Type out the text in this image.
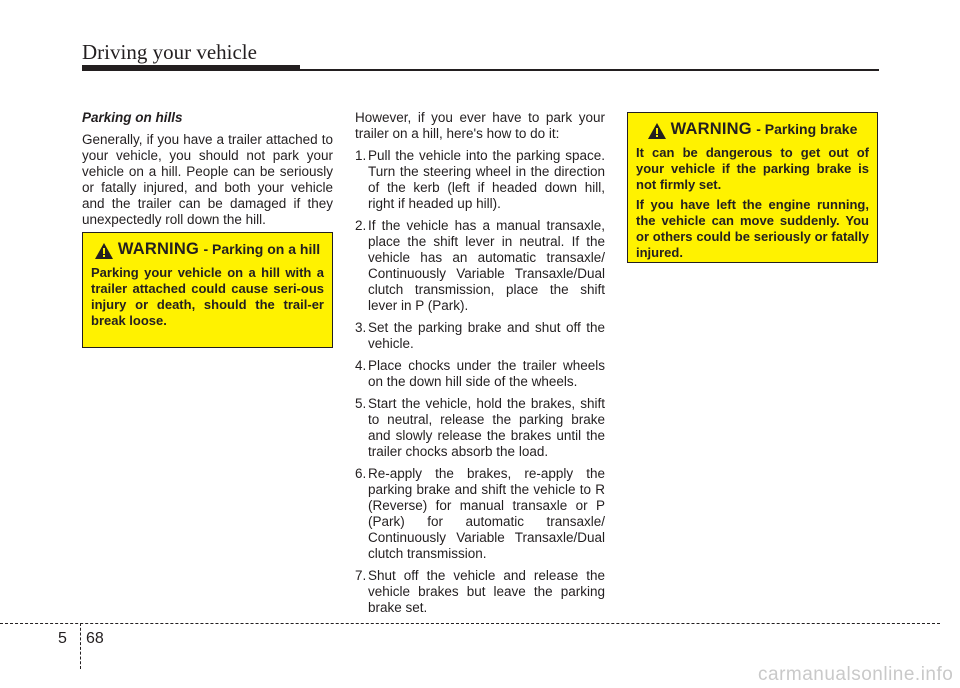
Driving your vehicle

Parking on hills

Generally, if you have a trailer attached to your vehicle, you should not park your vehicle on a hill. People can be seriously or fatally injured, and both your vehicle and the trailer can be damaged if they unexpectedly roll down the hill.

WARNING - Parking on a hill

Parking your vehicle on a hill with a trailer attached could cause seri-ous injury or death, should the trail-er break loose.

However, if you ever have to park your trailer on a hill, here's how to do it:

1. Pull the vehicle into the parking space. Turn the steering wheel in the direction of the kerb (left if headed down hill, right if headed up hill).
2. If the vehicle has a manual transaxle, place the shift lever in neutral. If the vehicle has an automatic transaxle/ Continuously Variable Transaxle/Dual clutch transmission, place the shift lever in P (Park).
3. Set the parking brake and shut off the vehicle.
4. Place chocks under the trailer wheels on the down hill side of the wheels.
5. Start the vehicle, hold the brakes, shift to neutral, release the parking brake and slowly release the brakes until the trailer chocks absorb the load.
6. Re-apply the brakes, re-apply the parking brake and shift the vehicle to R (Reverse) for manual transaxle or P (Park) for automatic transaxle/ Continuously Variable Transaxle/Dual clutch transmission.
7. Shut off the vehicle and release the vehicle brakes but leave the parking brake set.
WARNING - Parking brake

It can be dangerous to get out of your vehicle if the parking brake is not firmly set.

If you have left the engine running, the vehicle can move suddenly. You or others could be seriously or fatally injured.

5 68
carmanualsonline.info
